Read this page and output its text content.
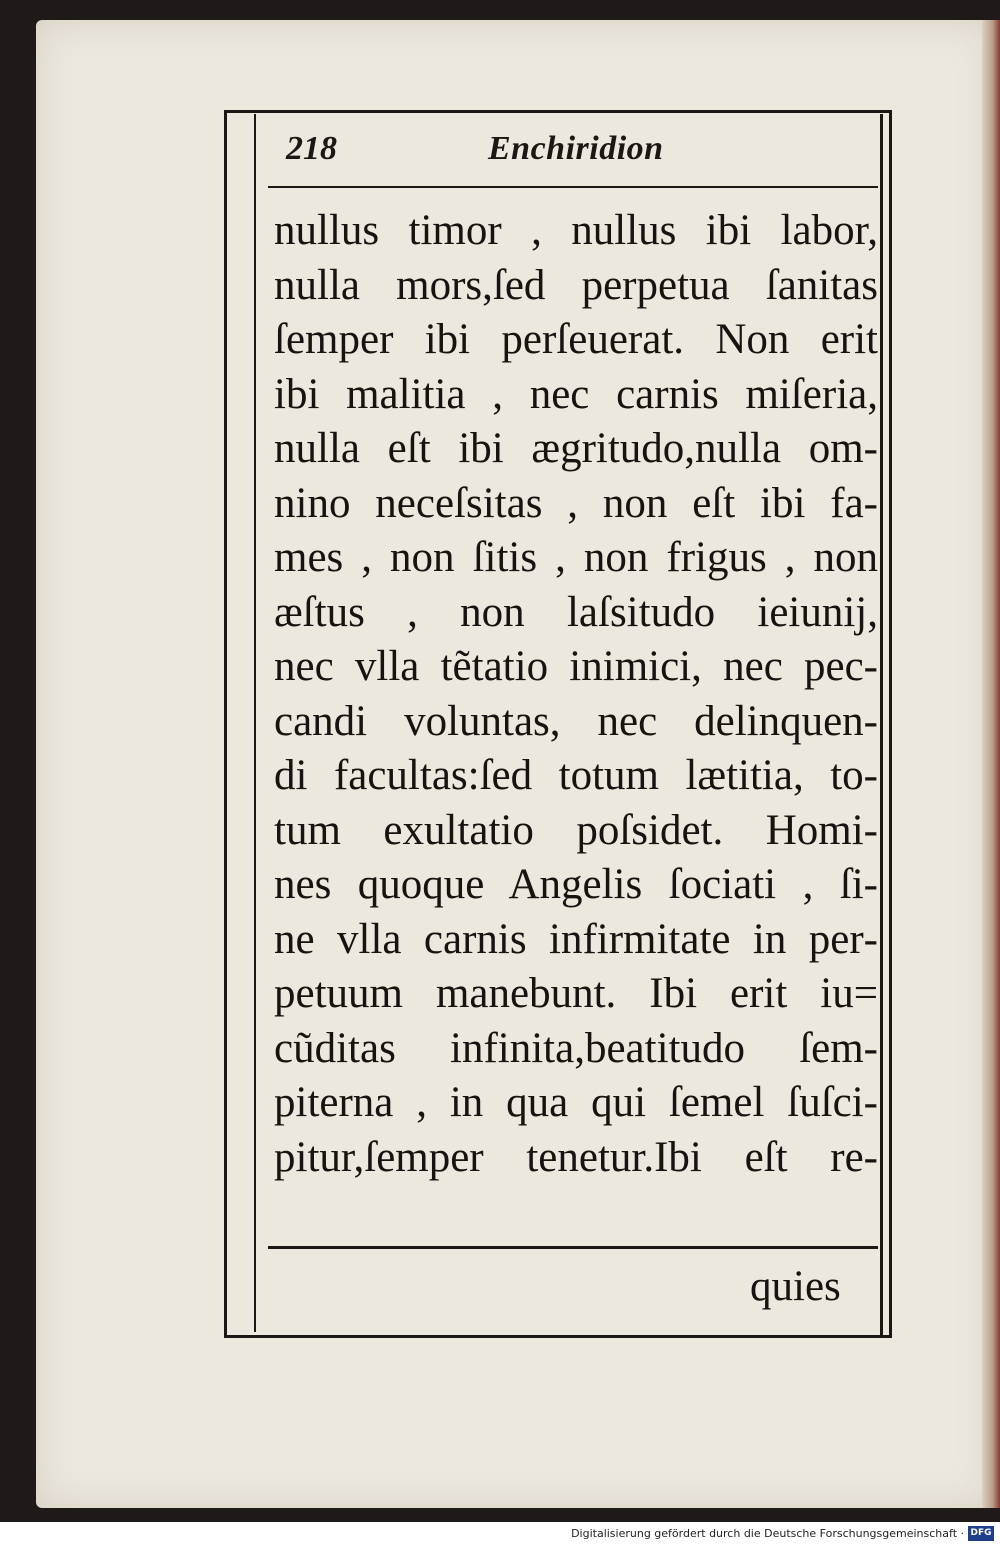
218	Enchiridion
nullus timor , nullus ibi labor,
nulla mors,ſed perpetua ſanitas
ſemper ibi perſeuerat. Non erit
ibi malitia , nec carnis miſeria,
nulla eſt ibi ægritudo,nulla om‑
nino neceſsitas , non eſt ibi fa‑
mes , non ſitis , non frigus , non
æſtus , non laſsitudo ieiunij,
nec vlla tẽtatio inimici, nec pec‑
candi voluntas, nec delinquen‑
di facultas:ſed totum lætitia, to‑
tum exultatio poſsidet. Homi‑
nes quoque Angelis ſociati , ſi‑
ne vlla carnis infirmitate in per‑
petuum manebunt. Ibi erit iu=
cũditas infinita,beatitudo ſem‑
piterna , in qua qui ſemel ſuſci‑
pitur,ſemper tenetur.Ibi eſt re‑
quies
Digitalisierung gefördert durch die Deutsche Forschungsgemeinschaft · DFG
